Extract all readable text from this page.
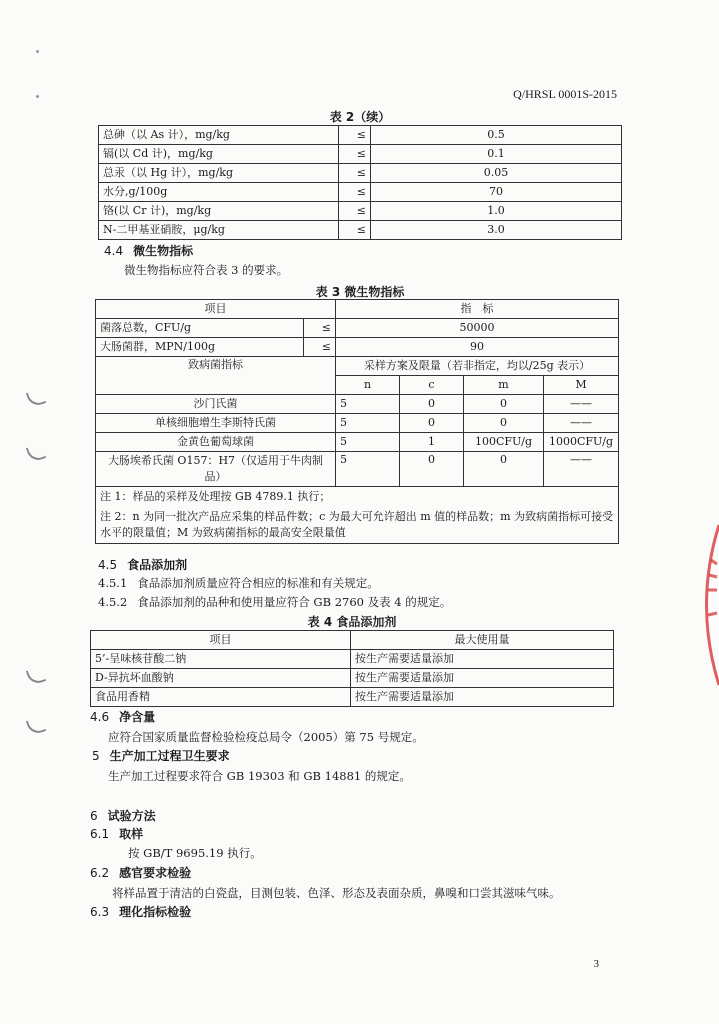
Q/HRSL 0001S-2015
表 2（续）
总砷（以 As 计），mg/kg	≤	0.5
镉(以 Cd 计)，mg/kg	≤	0.1
总汞（以 Hg 计），mg/kg	≤	0.05
水分,g/100g	≤	70
铬(以 Cr 计)，mg/kg	≤	1.0
N-二甲基亚硝胺，μg/kg	≤	3.0
4.4 微生物指标
微生物指标应符合表 3 的要求。
表 3 微生物指标
项目		指　标			
菌落总数，CFU/g	≤	50000			
大肠菌群，MPN/100g	≤	90			
致病菌指标		采样方案及限量（若非指定，均以/25g 表示）			
		n	c	m	M
沙门氏菌		5	0	0	——
单核细胞增生李斯特氏菌		5	0	0	——
金黄色葡萄球菌		5	1	100CFU/g	1000CFU/g
大肠埃希氏菌 O157：H7（仅适用于牛肉制品）		5	0	0	——

注 1：样品的采样及处理按 GB 4789.1 执行；
注 2：n 为同一批次产品应采集的样品件数；c 为最大可允许超出 m 值的样品数；m 为致病菌指标可接受水平的限量值；M 为致病菌指标的最高安全限量值					
4.5 食品添加剂
4.5.1 食品添加剂质量应符合相应的标准和有关规定。
4.5.2 食品添加剂的品种和使用量应符合 GB 2760 及表 4 的规定。
表 4 食品添加剂
项目	最大使用量
5’-呈味核苷酸二钠	按生产需要适量添加
D-异抗坏血酸钠	按生产需要适量添加
食品用香精	按生产需要适量添加
4.6 净含量
应符合国家质量监督检验检疫总局令（2005）第 75 号规定。
5 生产加工过程卫生要求
生产加工过程要求符合 GB 19303 和 GB 14881 的规定。
6 试验方法
6.1 取样
按 GB/T 9695.19 执行。
6.2 感官要求检验
将样品置于清洁的白瓷盘，目测包装、色泽、形态及表面杂质，鼻嗅和口尝其滋味气味。
6.3 理化指标检验
3
